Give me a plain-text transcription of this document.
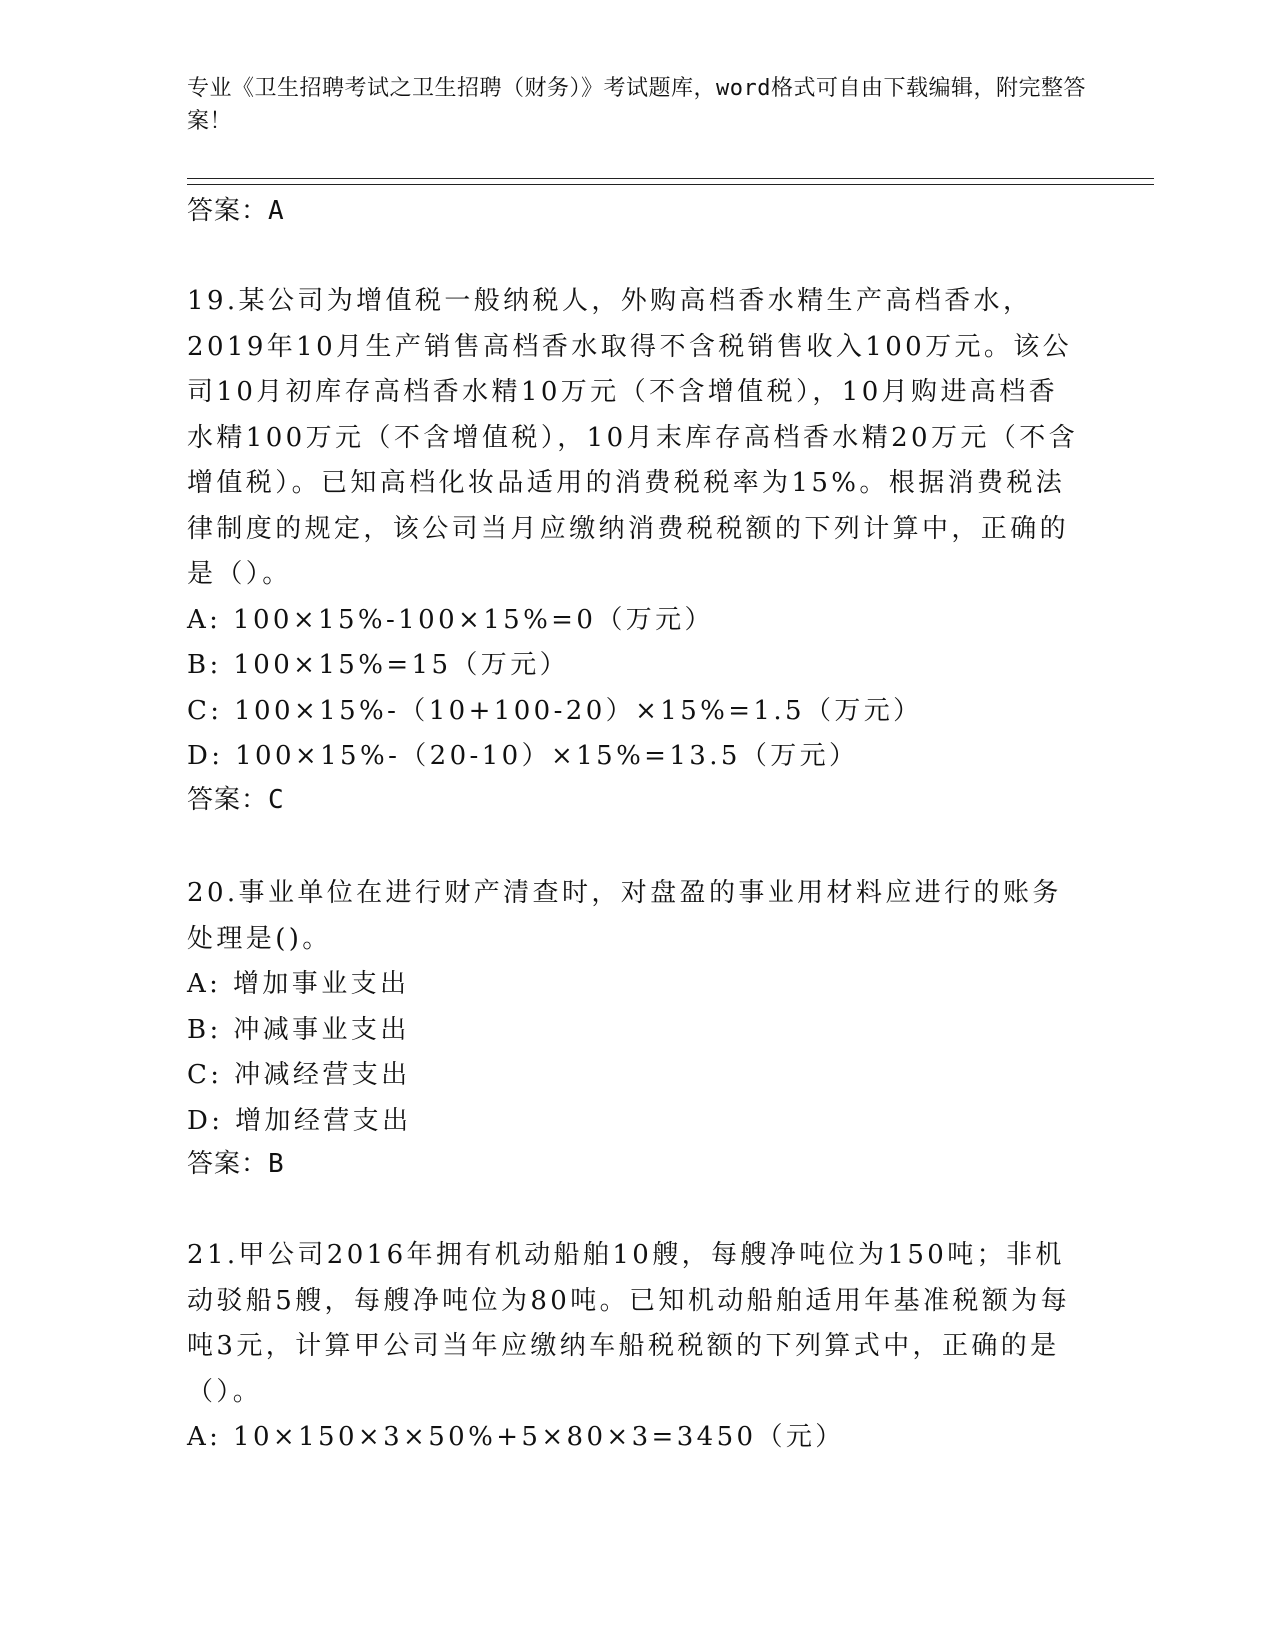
专业《卫生招聘考试之卫生招聘（财务）》考试题库，word格式可自由下载编辑，附完整答案！
答案：A

19.某公司为增值税一般纳税人，外购高档香水精生产高档香水，2019年10月生产销售高档香水取得不含税销售收入100万元。该公司10月初库存高档香水精10万元（不含增值税），10月购进高档香水精100万元（不含增值税），10月末库存高档香水精20万元（不含增值税）。已知高档化妆品适用的消费税税率为15%。根据消费税法律制度的规定，该公司当月应缴纳消费税税额的下列计算中，正确的是（）。

A: 100×15%-100×15%=0（万元）
B: 100×15%=15（万元）
C: 100×15%-（10+100-20）×15%=1.5（万元）
D: 100×15%-（20-10）×15%=13.5（万元）
答案：C

20.事业单位在进行财产清查时，对盘盈的事业用材料应进行的账务处理是()。

A: 增加事业支出
B: 冲减事业支出
C: 冲减经营支出
D: 增加经营支出
答案：B

21.甲公司2016年拥有机动船舶10艘，每艘净吨位为150吨；非机动驳船5艘，每艘净吨位为80吨。已知机动船舶适用年基准税额为每吨3元，计算甲公司当年应缴纳车船税税额的下列算式中，正确的是（）。

A: 10×150×3×50%+5×80×3=3450（元）
